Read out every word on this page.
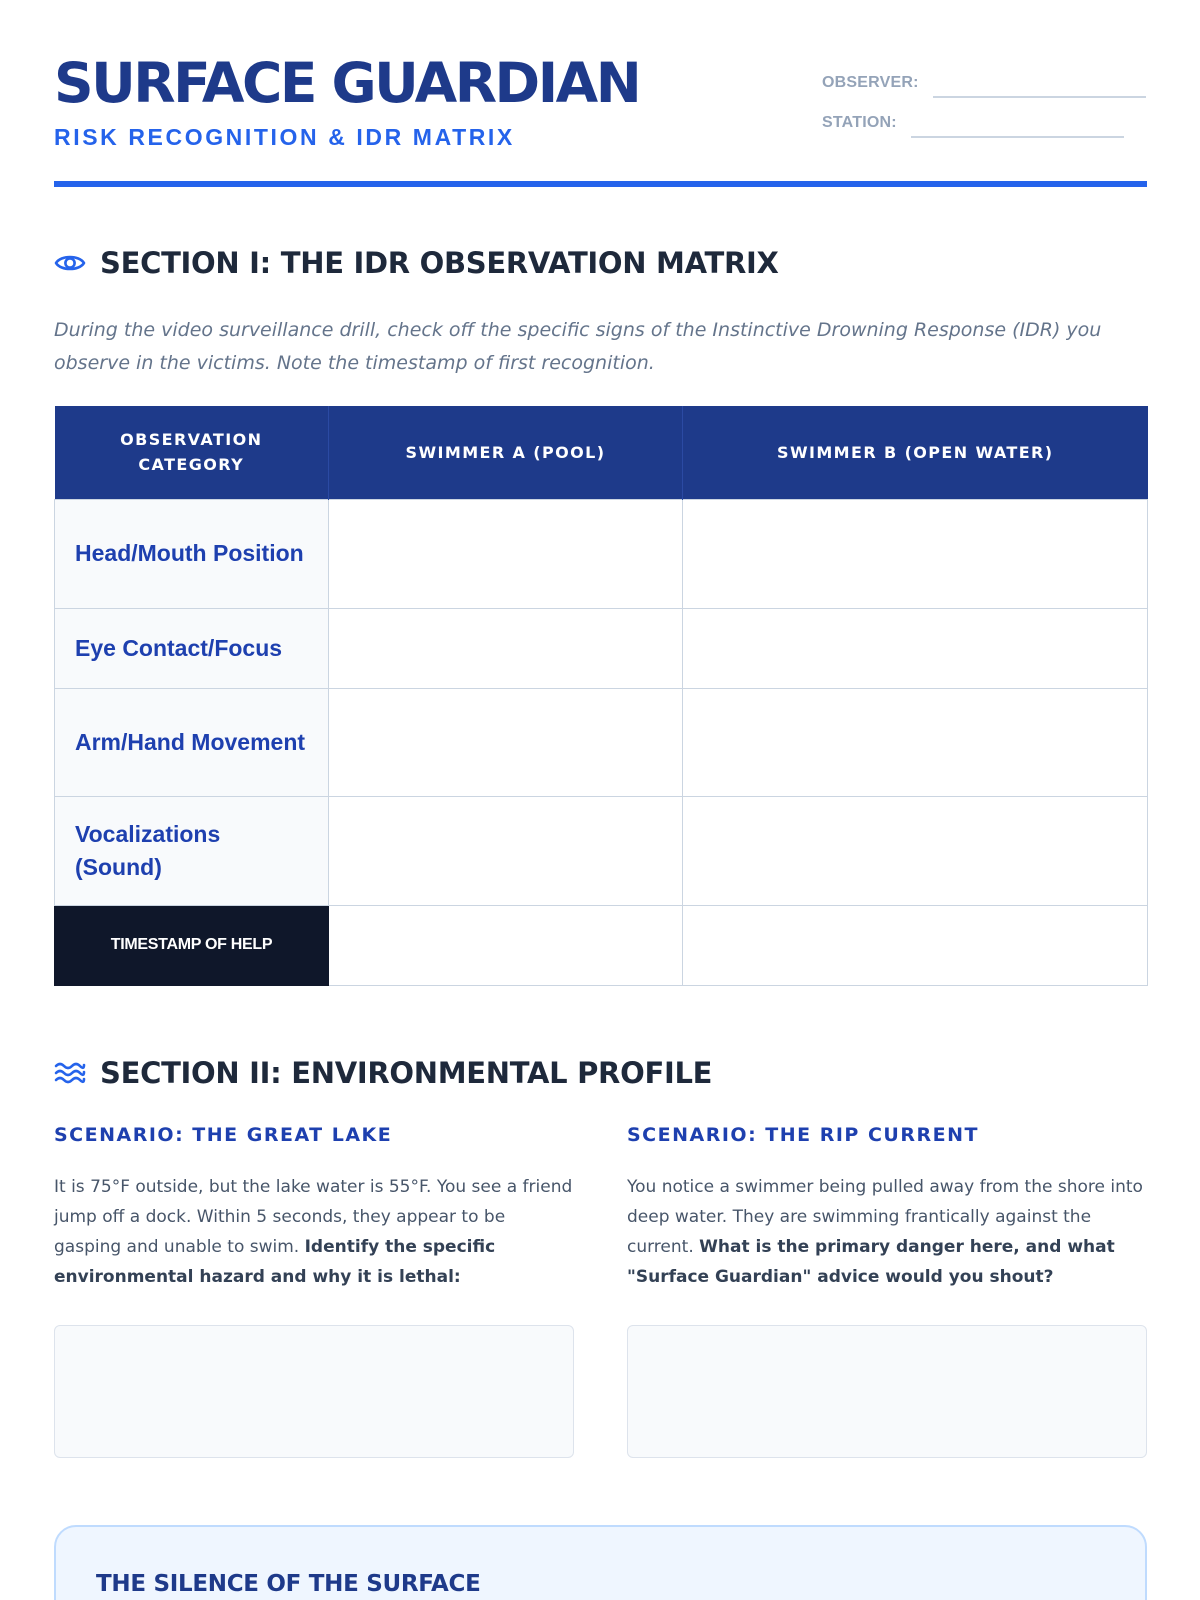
SURFACE GUARDIAN
RISK RECOGNITION & IDR MATRIX
OBSERVER:
STATION:
SECTION I: THE IDR OBSERVATION MATRIX

During the video surveillance drill, check off the specific signs of the Instinctive Drowning Response (IDR) you observe in the victims. Note the timestamp of first recognition.

OBSERVATION CATEGORY	SWIMMER A (POOL)	SWIMMER B (OPEN WATER)
Head/Mouth Position		
Eye Contact/Focus		
Arm/Hand Movement		
Vocalizations (Sound)		
TIMESTAMP OF HELP		
SECTION II: ENVIRONMENTAL PROFILE
SCENARIO: THE GREAT LAKE

It is 75°F outside, but the lake water is 55°F. You see a friend jump off a dock. Within 5 seconds, they appear to be gasping and unable to swim. Identify the specific environmental hazard and why it is lethal:

SCENARIO: THE RIP CURRENT

You notice a swimmer being pulled away from the shore into deep water. They are swimming frantically against the current. What is the primary danger here, and what "Surface Guardian" advice would you shout?

THE SILENCE OF THE SURFACE
